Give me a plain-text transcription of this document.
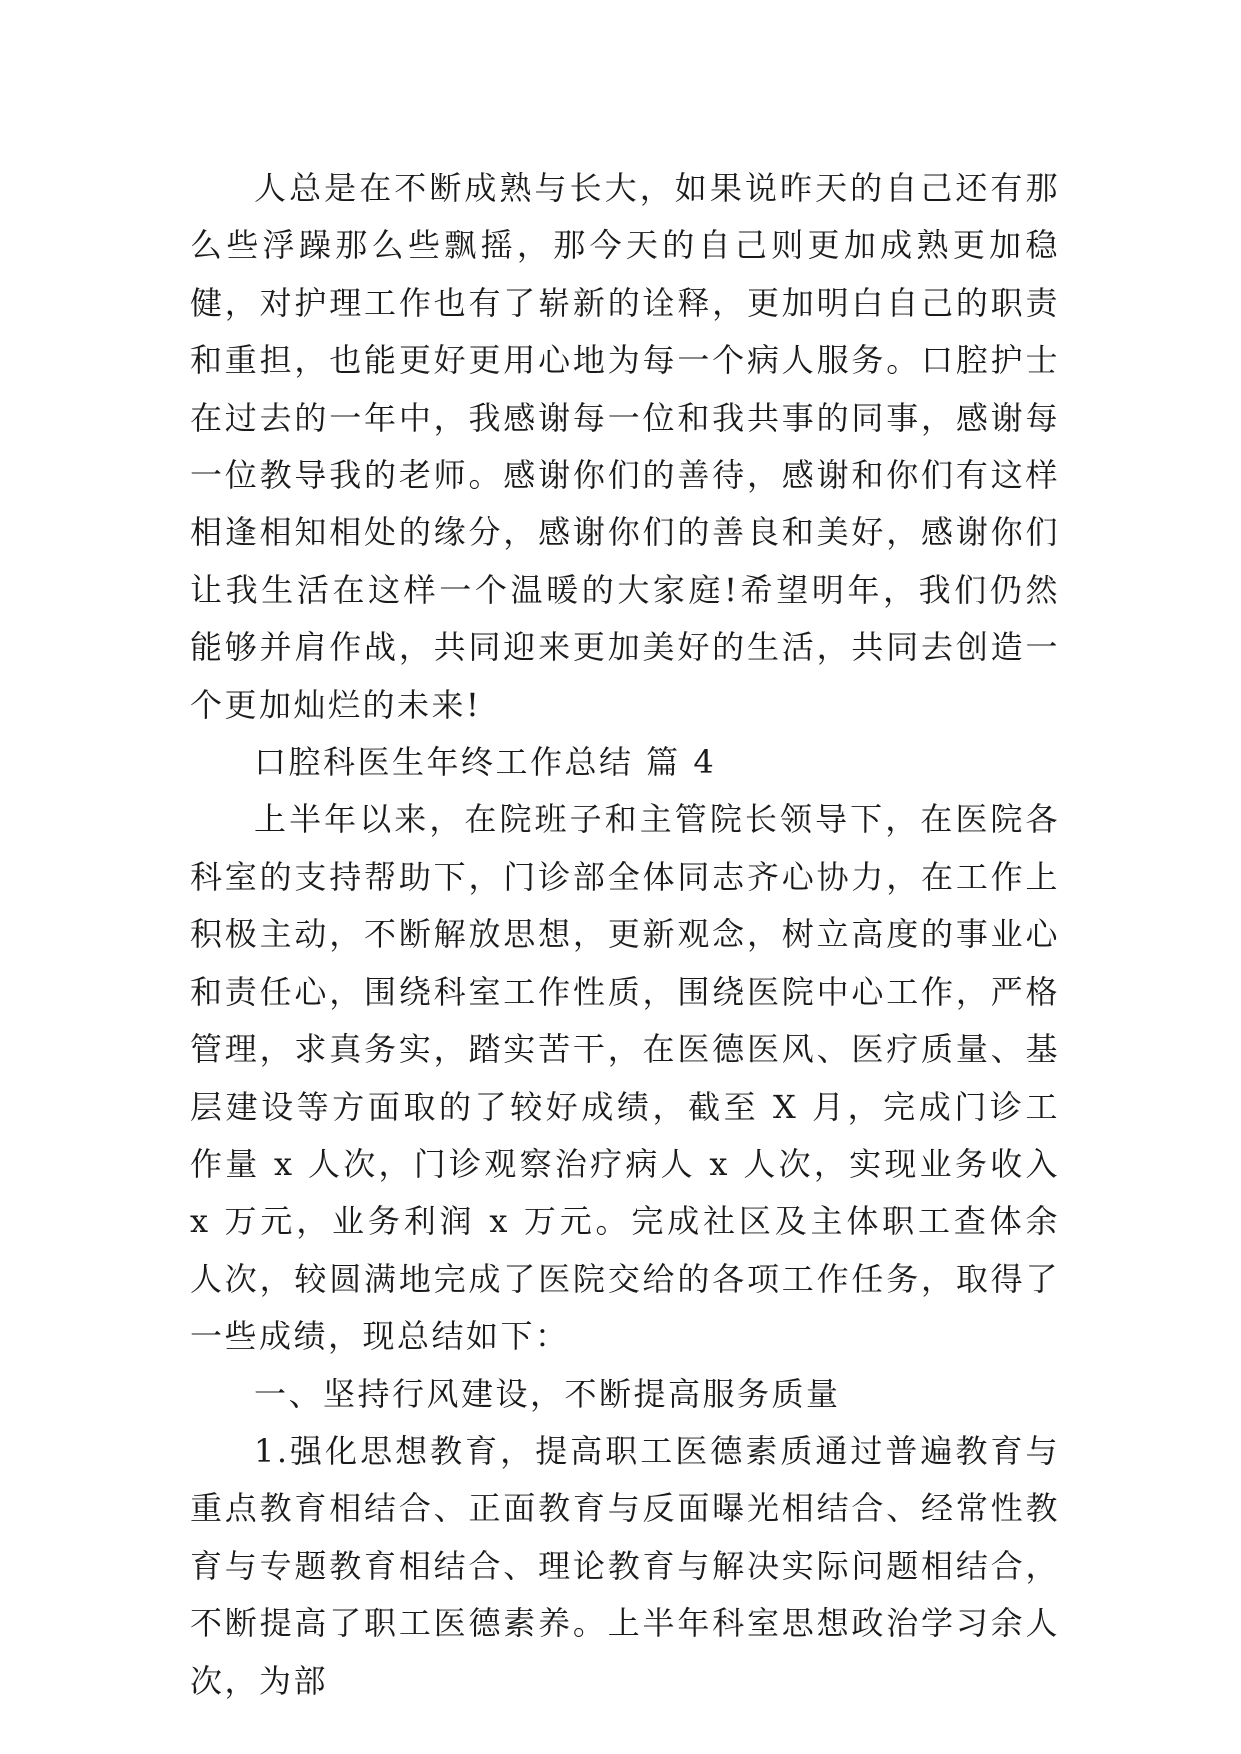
人总是在不断成熟与长大，如果说昨天的自己还有那么些浮躁那么些飘摇，那今天的自己则更加成熟更加稳健，对护理工作也有了崭新的诠释，更加明白自己的职责和重担，也能更好更用心地为每一个病人服务。口腔护士在过去的一年中，我感谢每一位和我共事的同事，感谢每一位教导我的老师。感谢你们的善待，感谢和你们有这样相逢相知相处的缘分，感谢你们的善良和美好，感谢你们让我生活在这样一个温暖的大家庭!希望明年，我们仍然能够并肩作战，共同迎来更加美好的生活，共同去创造一个更加灿烂的未来!

口腔科医生年终工作总结 篇 4

上半年以来，在院班子和主管院长领导下，在医院各科室的支持帮助下，门诊部全体同志齐心协力，在工作上积极主动，不断解放思想，更新观念，树立高度的事业心和责任心，围绕科室工作性质，围绕医院中心工作，严格管理，求真务实，踏实苦干，在医德医风、医疗质量、基层建设等方面取的了较好成绩，截至 X 月，完成门诊工作量 x 人次，门诊观察治疗病人 x 人次，实现业务收入 x 万元，业务利润 x 万元。完成社区及主体职工查体余人次，较圆满地完成了医院交给的各项工作任务，取得了一些成绩，现总结如下：

一、坚持行风建设，不断提高服务质量

1.强化思想教育，提高职工医德素质通过普遍教育与重点教育相结合、正面教育与反面曝光相结合、经常性教育与专题教育相结合、理论教育与解决实际问题相结合，不断提高了职工医德素养。上半年科室思想政治学习余人次，为部
